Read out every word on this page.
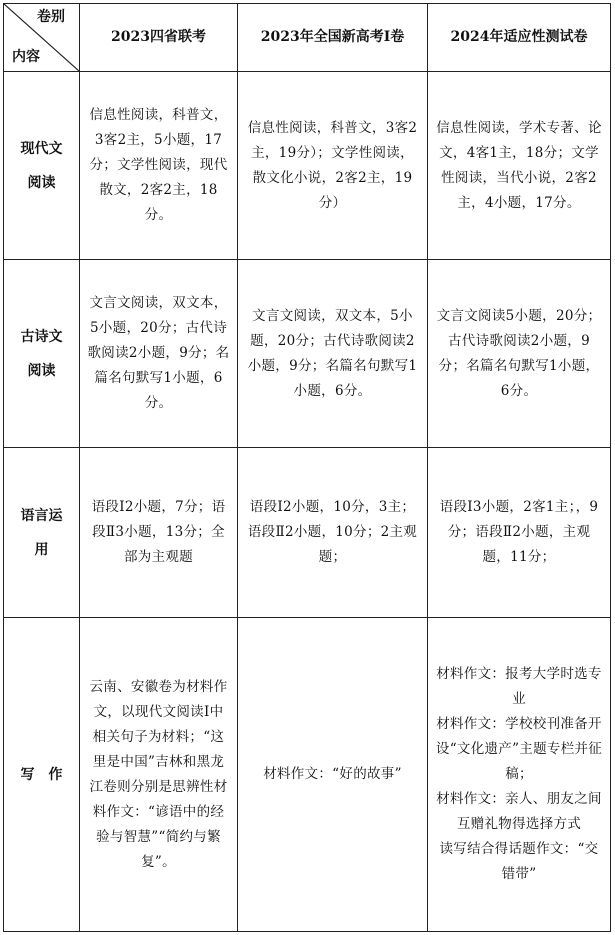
卷别
内容	2023四省联考	2023年全国新高考Ⅰ卷	2024年适应性测试卷
现代文阅读	信息性阅读，科普文，3客2主，5小题，17分；文学性阅读，现代散文，2客2主，18分。	信息性阅读，科普文，3客2主，19分）；文学性阅读，散文化小说，2客2主，19分）	信息性阅读，学术专著、论文，4客1主，18分；文学性阅读，当代小说，2客2主，4小题，17分。
古诗文阅读	文言文阅读，双文本，5小题，20分；古代诗歌阅读2小题，9分；名篇名句默写1小题，6分。	文言文阅读，双文本，5小题，20分；古代诗歌阅读2小题，9分；名篇名句默写1小题，6分。	文言文阅读5小题，20分；古代诗歌阅读2小题，9分；名篇名句默写1小题，6分。
语言运用	语段Ⅰ2小题，7分；语段Ⅱ3小题，13分；全部为主观题	语段Ⅰ2小题，10分，3主；语段Ⅱ2小题，10分；2主观题；	语段Ⅰ3小题，2客1主；，9分；语段Ⅱ2小题，主观题，11分；
写　作	云南、安徽卷为材料作文，以现代文阅读Ⅰ中相关句子为材料；“这里是中国”吉林和黑龙江卷则分别是思辨性材料作文：“谚语中的经验与智慧”“简约与繁复”。	材料作文：“好的故事”	材料作文：报考大学时选专业
材料作文：学校校刊准备开设“文化遗产”主题专栏并征稿；
材料作文：亲人、朋友之间互赠礼物得选择方式
读写结合得话题作文：“交错带”
